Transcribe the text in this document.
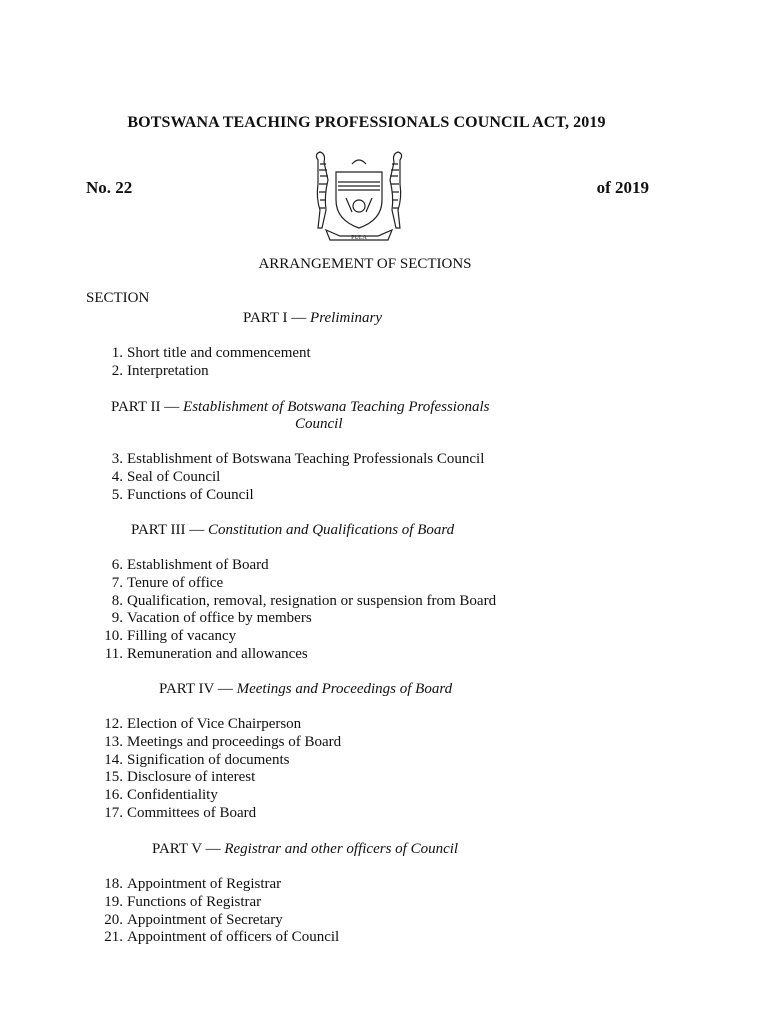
BOTSWANA TEACHING PROFESSIONALS COUNCIL ACT, 2019
No. 22	of 2019
PULA
ARRANGEMENT OF SECTIONS
SECTION
PART I — Preliminary
1. Short title and commencement
2. Interpretation
PART II — Establishment of Botswana Teaching Professionals
Council
3. Establishment of Botswana Teaching Professionals Council
4. Seal of Council
5. Functions of Council
PART III — Constitution and Qualifications of Board
6. Establishment of Board
7. Tenure of office
8. Qualification, removal, resignation or suspension from Board
9. Vacation of office by members
10. Filling of vacancy
11. Remuneration and allowances
PART IV — Meetings and Proceedings of Board
12. Election of Vice Chairperson
13. Meetings and proceedings of Board
14. Signification of documents
15. Disclosure of interest
16. Confidentiality
17. Committees of Board
PART V — Registrar and other officers of Council
18. Appointment of Registrar
19. Functions of Registrar
20. Appointment of Secretary
21. Appointment of officers of Council
